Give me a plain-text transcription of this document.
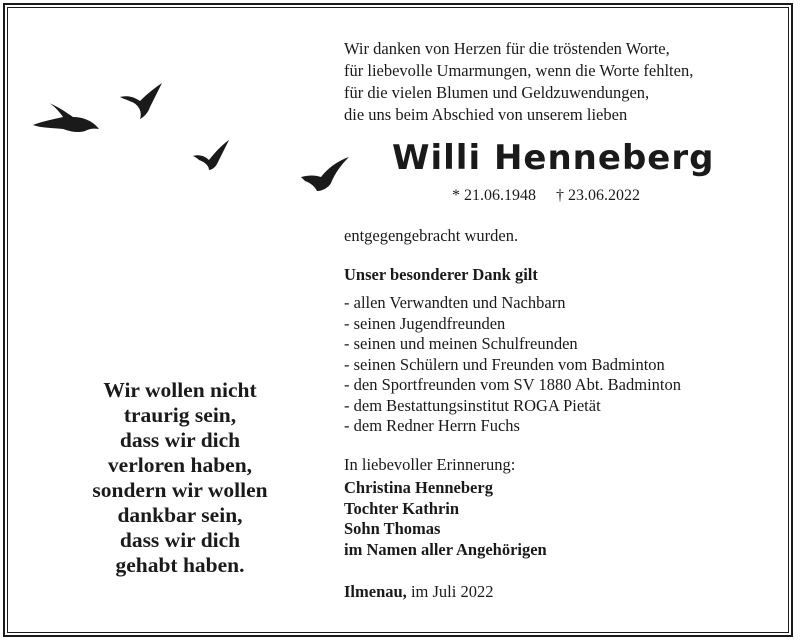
Wir wollen nicht
traurig sein,
dass wir dich
verloren haben,
sondern wir wollen
dankbar sein,
dass wir dich
gehabt haben.
Wir danken von Herzen für die tröstenden Worte,
für liebevolle Umarmungen, wenn die Worte fehlten,
für die vielen Blumen und Geldzuwendungen,
die uns beim Abschied von unserem lieben
Willi Henneberg
* 21.06.1948 † 23.06.2022
entgegengebracht wurden.
Unser besonderer Dank gilt
- allen Verwandten und Nachbarn
- seinen Jugendfreunden
- seinen und meinen Schulfreunden
- seinen Schülern und Freunden vom Badminton
- den Sportfreunden vom SV 1880 Abt. Badminton
- dem Bestattungsinstitut ROGA Pietät
- dem Redner Herrn Fuchs
In liebevoller Erinnerung:
Christina Henneberg
Tochter Kathrin
Sohn Thomas
im Namen aller Angehörigen
Ilmenau, im Juli 2022
